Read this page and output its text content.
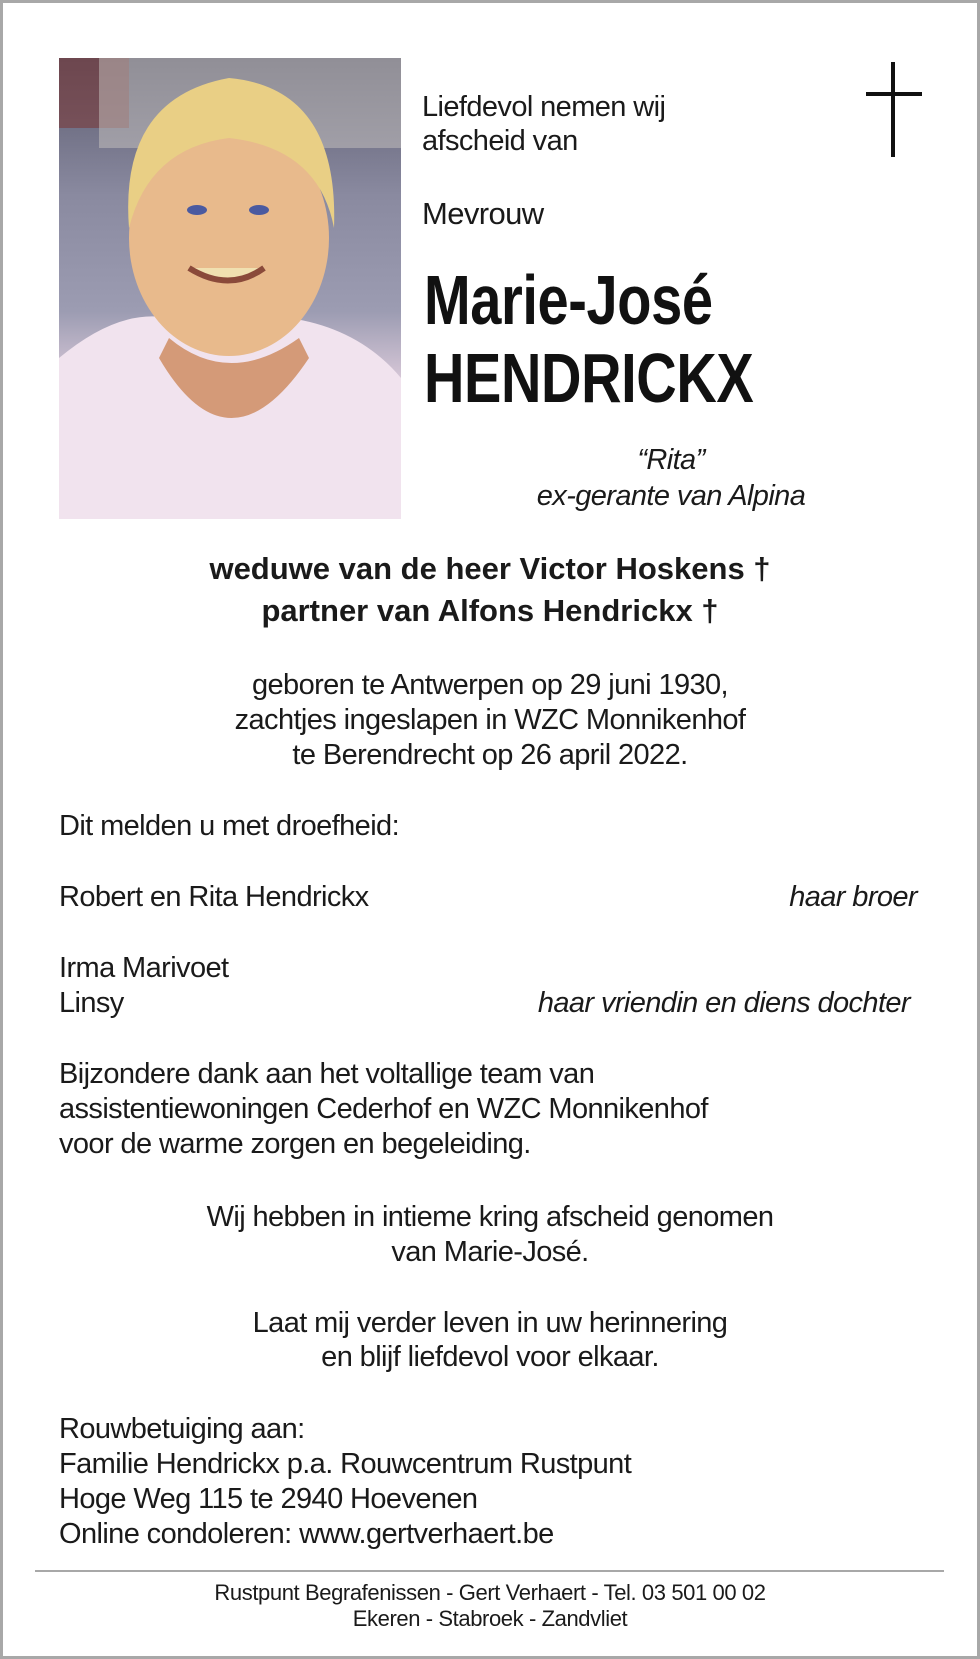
Liefdevol nemen wij
afscheid van
Mevrouw
Marie-José
HENDRICKX
“Rita”
ex-gerante van Alpina
weduwe van de heer Victor Hoskens †
partner van Alfons Hendrickx †
geboren te Antwerpen op 29 juni 1930,
zachtjes ingeslapen in WZC Monnikenhof
te Berendrecht op 26 april 2022.
Dit melden u met droefheid:
Robert en Rita Hendrickx	haar broer
Irma Marivoet
Linsy	haar vriendin en diens dochter
Bijzondere dank aan het voltallige team van
assistentiewoningen Cederhof en WZC Monnikenhof
voor de warme zorgen en begeleiding.
Wij hebben in intieme kring afscheid genomen
van Marie-José.
Laat mij verder leven in uw herinnering
en blijf liefdevol voor elkaar.
Rouwbetuiging aan:
Familie Hendrickx p.a. Rouwcentrum Rustpunt
Hoge Weg 115 te 2940 Hoevenen
Online condoleren: www.gertverhaert.be
Rustpunt Begrafenissen - Gert Verhaert - Tel. 03 501 00 02
Ekeren - Stabroek - Zandvliet
